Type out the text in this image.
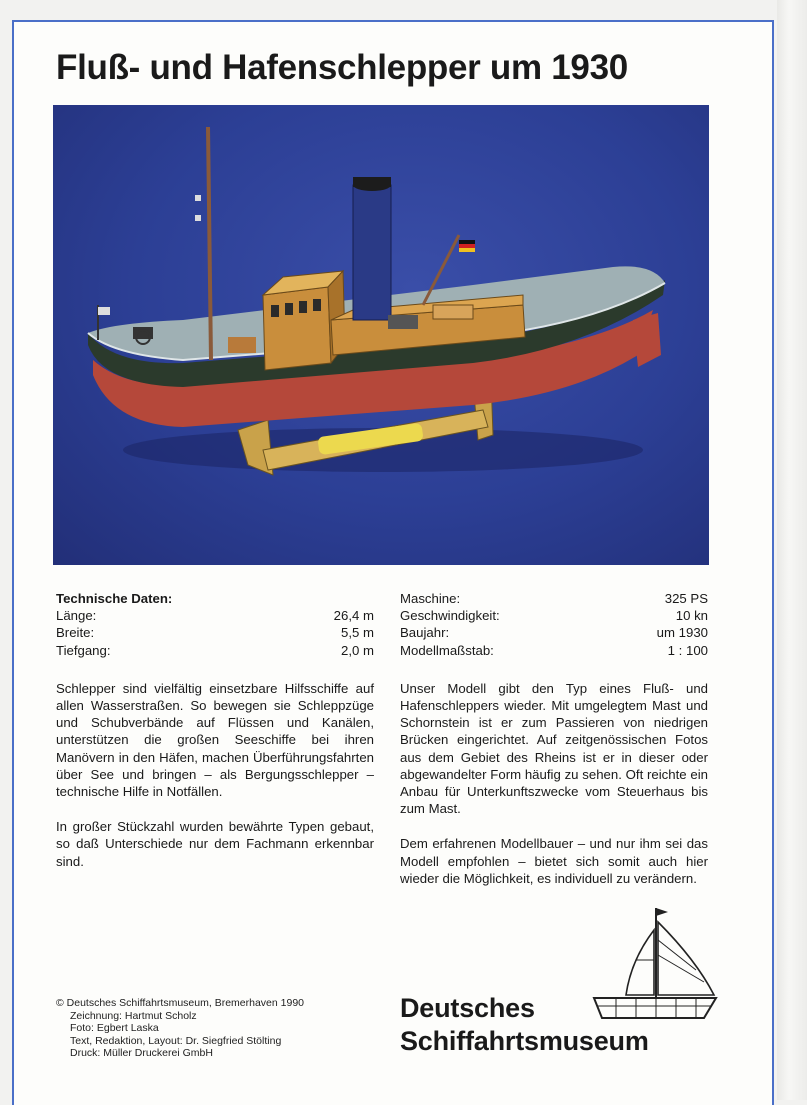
Fluß- und Hafenschlepper um 1930

Technische Daten:

Länge:	26,4 m
Breite:	5,5 m
Tiefgang:	2,0 m

Schlepper sind vielfältig einsetzbare Hilfsschiffe auf allen Wasserstraßen. So bewegen sie Schleppzüge und Schubverbände auf Flüssen und Kanälen, unterstützen die großen Seeschiffe bei ihren Manövern in den Häfen, machen Überführungsfahrten über See und bringen – als Bergungsschlepper – technische Hilfe in Notfällen.

In großer Stückzahl wurden bewährte Typen gebaut, so daß Unterschiede nur dem Fachmann erkennbar sind.

Maschine:	325 PS
Geschwindigkeit:	10 kn
Baujahr:	um 1930
Modellmaßstab:	1 : 100

Unser Modell gibt den Typ eines Fluß- und Hafenschleppers wieder. Mit umgelegtem Mast und Schornstein ist er zum Passieren von niedrigen Brücken eingerichtet. Auf zeitgenössischen Fotos aus dem Gebiet des Rheins ist er in dieser oder abgewandelter Form häufig zu sehen. Oft reichte ein Anbau für Unterkunftszwecke vom Steuerhaus bis zum Mast.

Dem erfahrenen Modellbauer – und nur ihm sei das Modell empfohlen – bietet sich somit auch hier wieder die Möglichkeit, es individuell zu verändern.

© Deutsches Schiffahrtsmuseum, Bremerhaven 1990
Zeichnung: Hartmut Scholz
Foto: Egbert Laska
Text, Redaktion, Layout: Dr. Siegfried Stölting
Druck: Müller Druckerei GmbH
Deutsches
Schiffahrtsmuseum
